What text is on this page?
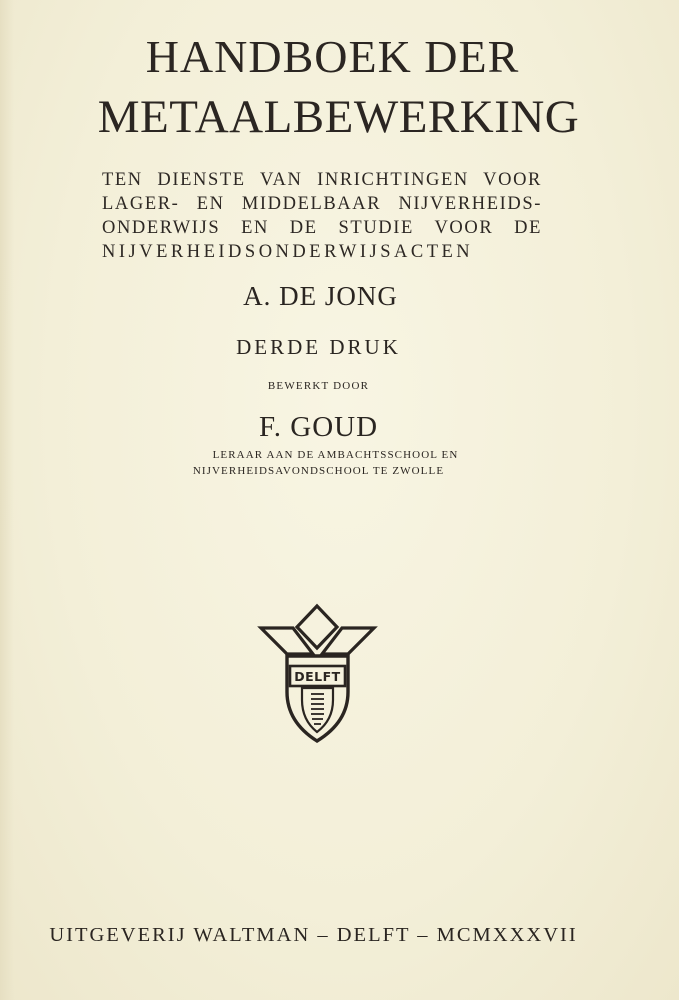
HANDBOEK DER
METAALBEWERKING
TEN DIENSTE VAN INRICHTINGEN VOOR
LAGER- EN MIDDELBAAR NIJVERHEIDS-
ONDERWIJS EN DE STUDIE VOOR DE
NIJVERHEIDSONDERWIJSACTEN
A. DE JONG
DERDE DRUK
BEWERKT DOOR
F. GOUD
LERAAR AAN DE AMBACHTSSCHOOL EN
NIJVERHEIDSAVONDSCHOOL TE ZWOLLE
DELFT
UITGEVERIJ WALTMAN – DELFT – MCMXXXVII
